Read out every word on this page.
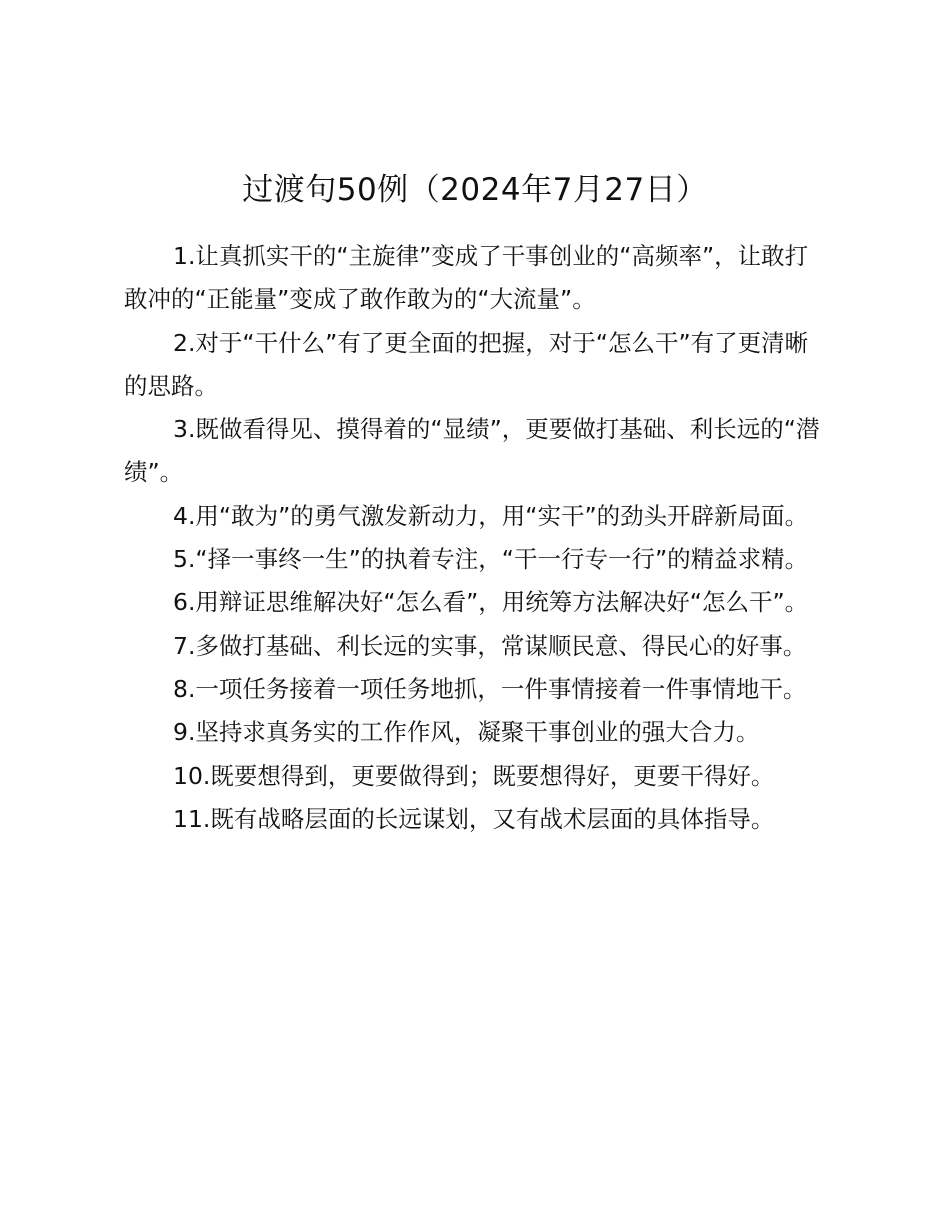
过渡句50例（2024年7月27日）

1.让真抓实干的“主旋律”变成了干事创业的“高频率”，让敢打敢冲的“正能量”变成了敢作敢为的“大流量”。

2.对于“干什么”有了更全面的把握，对于“怎么干”有了更清晰的思路。

3.既做看得见、摸得着的“显绩”，更要做打基础、利长远的“潜绩”。

4.用“敢为”的勇气激发新动力，用“实干”的劲头开辟新局面。

5.“择一事终一生”的执着专注，“干一行专一行”的精益求精。

6.用辩证思维解决好“怎么看”，用统筹方法解决好“怎么干”。

7.多做打基础、利长远的实事，常谋顺民意、得民心的好事。

8.一项任务接着一项任务地抓，一件事情接着一件事情地干。

9.坚持求真务实的工作作风，凝聚干事创业的强大合力。

10.既要想得到，更要做得到；既要想得好，更要干得好。

11.既有战略层面的长远谋划，又有战术层面的具体指导。
